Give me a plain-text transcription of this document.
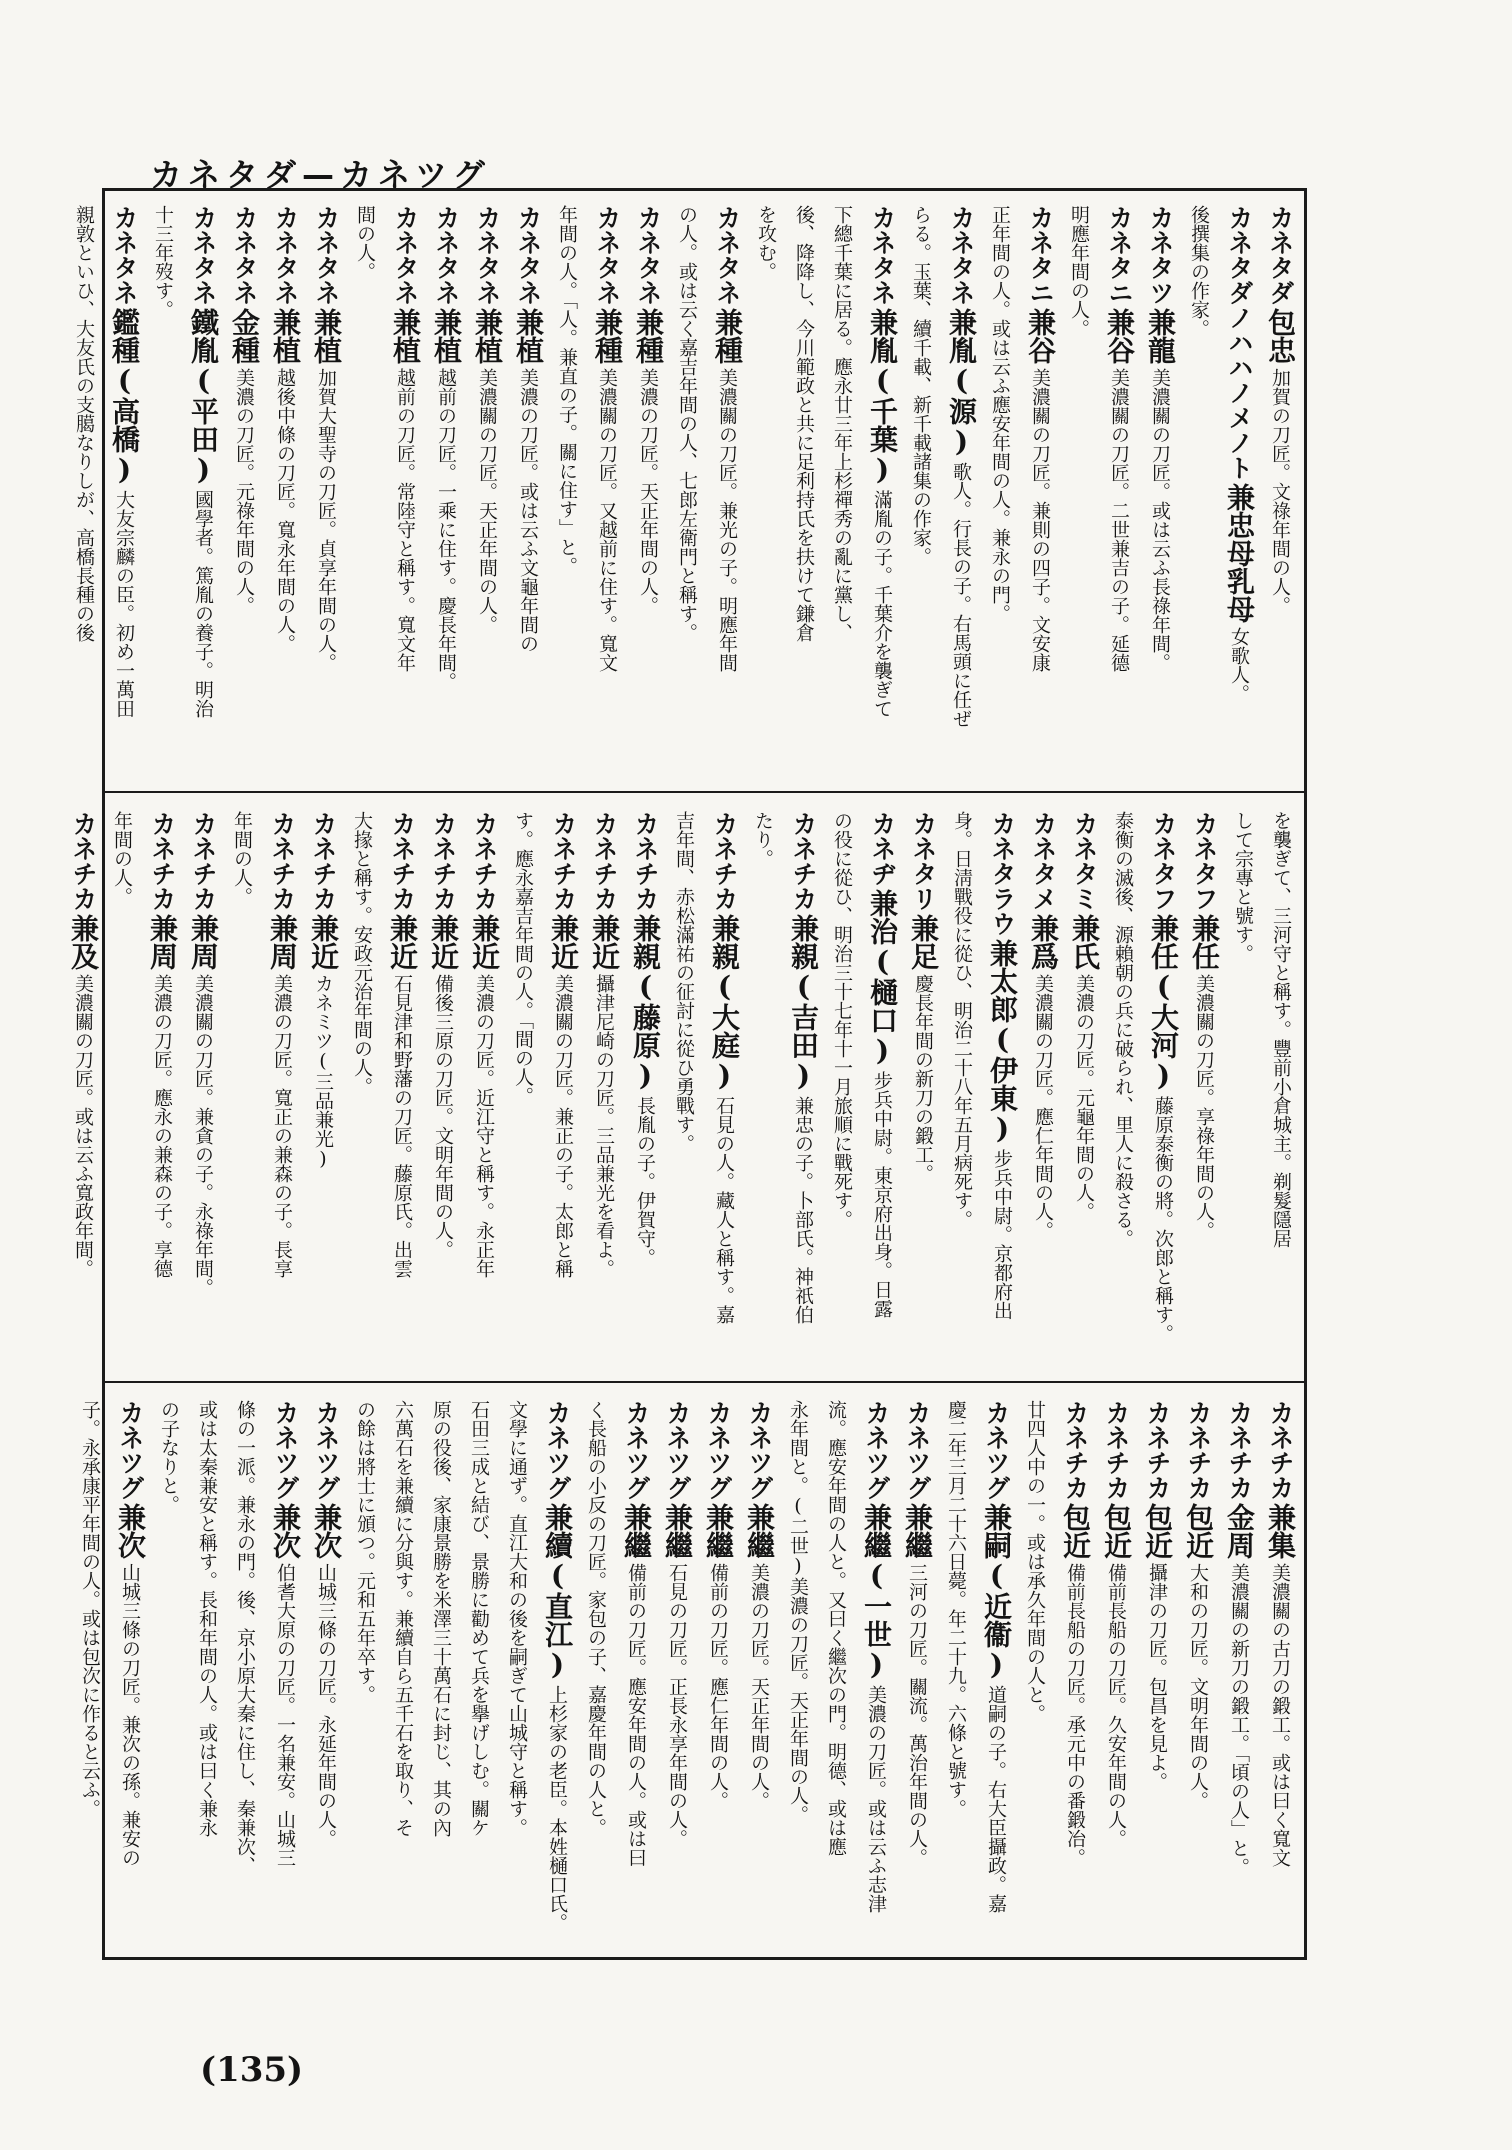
カネタダ—カネツグ
カネタダ包忠加賀の刀匠。文祿年間の人。
カネタダノハハノメノト兼忠母乳母女歌人。
後撰集の作家。
カネタツ兼龍美濃關の刀匠。或は云ふ長祿年間。
カネタニ兼谷美濃關の刀匠。二世兼吉の子。延德
明應年間の人。
カネタニ兼谷美濃關の刀匠。兼則の四子。文安康
正年間の人。或は云ふ應安年間の人。兼永の門。
カネタネ兼胤(源)歌人。行長の子。右馬頭に任ぜ
らる。玉葉、續千載、新千載諸集の作家。
カネタネ兼胤(千葉)滿胤の子。千葉介を襲ぎて
下總千葉に居る。應永廿三年上杉禪秀の亂に黨し、
後、降降し、今川範政と共に足利持氏を扶けて鎌倉
を攻む。
カネタネ兼種美濃關の刀匠。兼光の子。明應年間
の人。或は云く嘉吉年間の人、七郎左衛門と稱す。
カネタネ兼種美濃の刀匠。天正年間の人。
カネタネ兼種美濃關の刀匠。又越前に住す。寬文
年間の人。「人。兼直の子。關に住す」と。
カネタネ兼植美濃の刀匠。或は云ふ文龜年間の
カネタネ兼植美濃關の刀匠。天正年間の人。
カネタネ兼植越前の刀匠。一乘に住す。慶長年間。
カネタネ兼植越前の刀匠。常陸守と稱す。寬文年
間の人。
カネタネ兼植加賀大聖寺の刀匠。貞享年間の人。
カネタネ兼植越後中條の刀匠。寬永年間の人。
カネタネ金種美濃の刀匠。元祿年間の人。
カネタネ鐵胤(平田)國學者。篤胤の養子。明治
十三年歿す。
カネタネ鑑種(高橋)大友宗麟の臣。初め一萬田
親敦といひ、大友氏の支臈なりしが、高橋長種の後
を襲ぎて、三河守と稱す。豐前小倉城主。剃髮隱居
して宗專と號す。
カネタフ兼任美濃關の刀匠。享祿年間の人。
カネタフ兼任(大河)藤原泰衡の將。次郎と稱す。
泰衡の滅後、源賴朝の兵に破られ、里人に殺さる。
カネタミ兼氏美濃の刀匠。元龜年間の人。
カネタメ兼爲美濃關の刀匠。應仁年間の人。
カネタラウ兼太郎(伊東)步兵中尉。京都府出
身。日淸戰役に從ひ、明治二十八年五月病死す。
カネタリ兼足慶長年間の新刀の鍛工。
カネヂ兼治(樋口)步兵中尉。東京府出身。日露
の役に從ひ、明治三十七年十一月旅順に戰死す。
カネチカ兼親(吉田)兼忠の子。卜部氏。神祇伯
たり。
カネチカ兼親(大庭)石見の人。藏人と稱す。嘉
吉年間、赤松滿祐の征討に從ひ勇戰す。
カネチカ兼親(藤原)長胤の子。伊賀守。
カネチカ兼近攝津尼崎の刀匠。三品兼光を看よ。
カネチカ兼近美濃關の刀匠。兼正の子。太郎と稱
す。應永嘉吉年間の人。「間の人。
カネチカ兼近美濃の刀匠。近江守と稱す。永正年
カネチカ兼近備後三原の刀匠。文明年間の人。
カネチカ兼近石見津和野藩の刀匠。藤原氏。出雲
大掾と稱す。安政元治年間の人。
カネチカ兼近カネミツ(三品兼光)
カネチカ兼周美濃の刀匠。寬正の兼森の子。長享
年間の人。
カネチカ兼周美濃關の刀匠。兼貪の子。永祿年間。
カネチカ兼周美濃の刀匠。應永の兼森の子。享德
年間の人。
カネチカ兼及美濃關の刀匠。或は云ふ寬政年間。
カネチカ兼集美濃關の古刀の鍛工。或は曰く寬文
カネチカ金周美濃關の新刀の鍛工。「頃の人」と。
カネチカ包近大和の刀匠。文明年間の人。
カネチカ包近攝津の刀匠。包昌を見よ。
カネチカ包近備前長船の刀匠。久安年間の人。
カネチカ包近備前長船の刀匠。承元中の番鍛冶。
廿四人中の一。或は承久年間の人と。
カネツグ兼嗣(近衞)道嗣の子。右大臣攝政。嘉
慶二年三月二十六日薨。年二十九。六條と號す。
カネツグ兼繼三河の刀匠。關流。萬治年間の人。
カネツグ兼繼(一世)美濃の刀匠。或は云ふ志津
流。應安年間の人と。又曰く繼次の門。明德、或は應
永年間と。(二世)美濃の刀匠。天正年間の人。
カネツグ兼繼美濃の刀匠。天正年間の人。
カネツグ兼繼備前の刀匠。應仁年間の人。
カネツグ兼繼石見の刀匠。正長永享年間の人。
カネツグ兼繼備前の刀匠。應安年間の人。或は曰
く長船の小反の刀匠。家包の子、嘉慶年間の人と。
カネツグ兼續(直江)上杉家の老臣。本姓樋口氏。
文學に通ず。直江大和の後を嗣ぎて山城守と稱す。
石田三成と結び、景勝に勸めて兵を擧げしむ。關ケ
原の役後、家康景勝を米澤三十萬石に封じ、其の內
六萬石を兼續に分與す。兼續自ら五千石を取り、そ
の餘は將士に頒つ。元和五年卒す。
カネツグ兼次山城三條の刀匠。永延年間の人。
カネツグ兼次伯耆大原の刀匠。一名兼安。山城三
條の一派。兼永の門。後、京小原大秦に住し、秦兼次、
或は太秦兼安と稱す。長和年間の人。或は曰く兼永
の子なりと。
カネツグ兼次山城三條の刀匠。兼次の孫。兼安の
子。永承康平年間の人。或は包次に作ると云ふ。
(135)
